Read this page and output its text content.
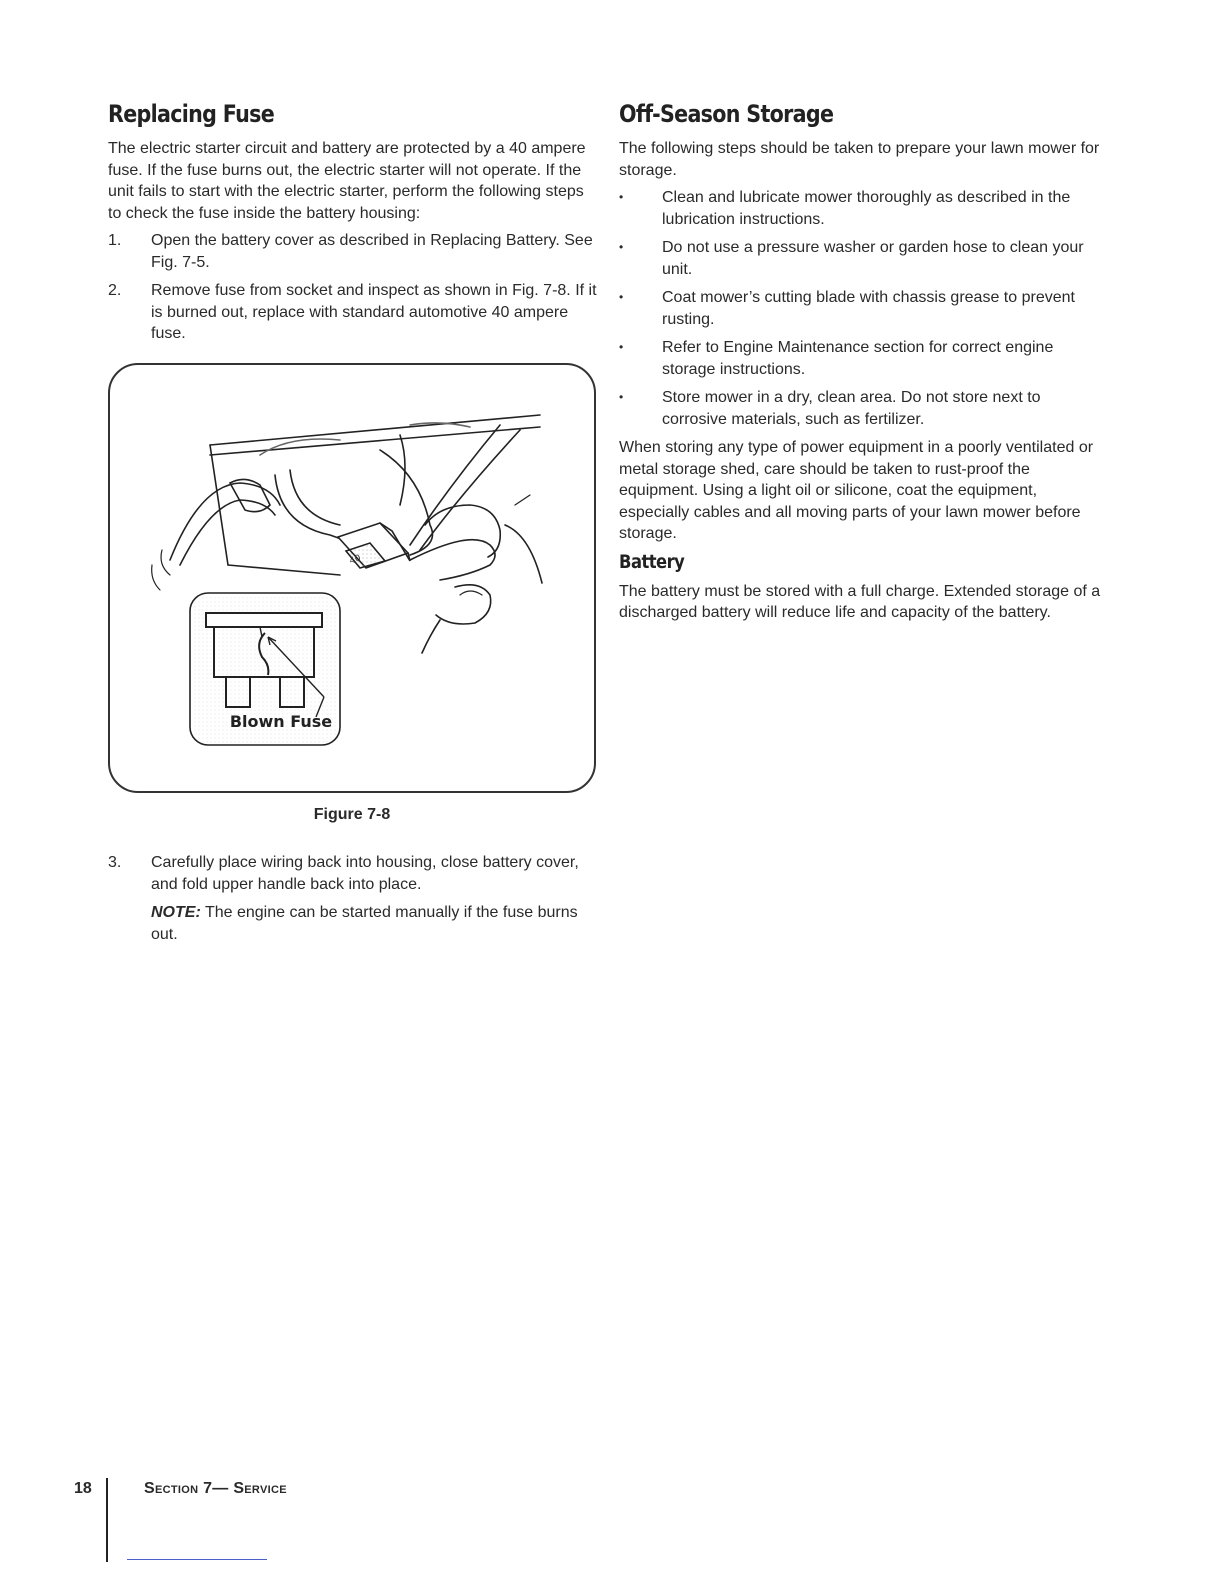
Replacing Fuse

The electric starter circuit and battery are protected by a 40 ampere fuse. If the fuse burns out, the electric starter will not operate. If the unit fails to start with the electric starter, perform the following steps to check the fuse inside the battery housing:

1. Open the battery cover as described in Replacing Battery. See Fig. 7-5.
2. Remove fuse from socket and inspect as shown in Fig. 7-8. If it is burned out, replace with standard automotive 40 ampere fuse.
Blown Fuse
40
Figure 7-8
3. Carefully place wiring back into housing, close battery cover, and fold upper handle back into place.

NOTE: The engine can be started manually if the fuse burns out.

Off-Season Storage

The following steps should be taken to prepare your lawn mower for storage.

• Clean and lubricate mower thoroughly as described in the lubrication instructions.
• Do not use a pressure washer or garden hose to clean your unit.
• Coat mower’s cutting blade with chassis grease to prevent rusting.
• Refer to Engine Maintenance section for correct engine storage instructions.
• Store mower in a dry, clean area. Do not store next to corrosive materials, such as fertilizer.

When storing any type of power equipment in a poorly ventilated or metal storage shed, care should be taken to rust-proof the equipment. Using a light oil or silicone, coat the equipment, especially cables and all moving parts of your lawn mower before storage.

Battery

The battery must be stored with a full charge. Extended storage of a discharged battery will reduce life and capacity of the battery.

18	Section 7— Service
